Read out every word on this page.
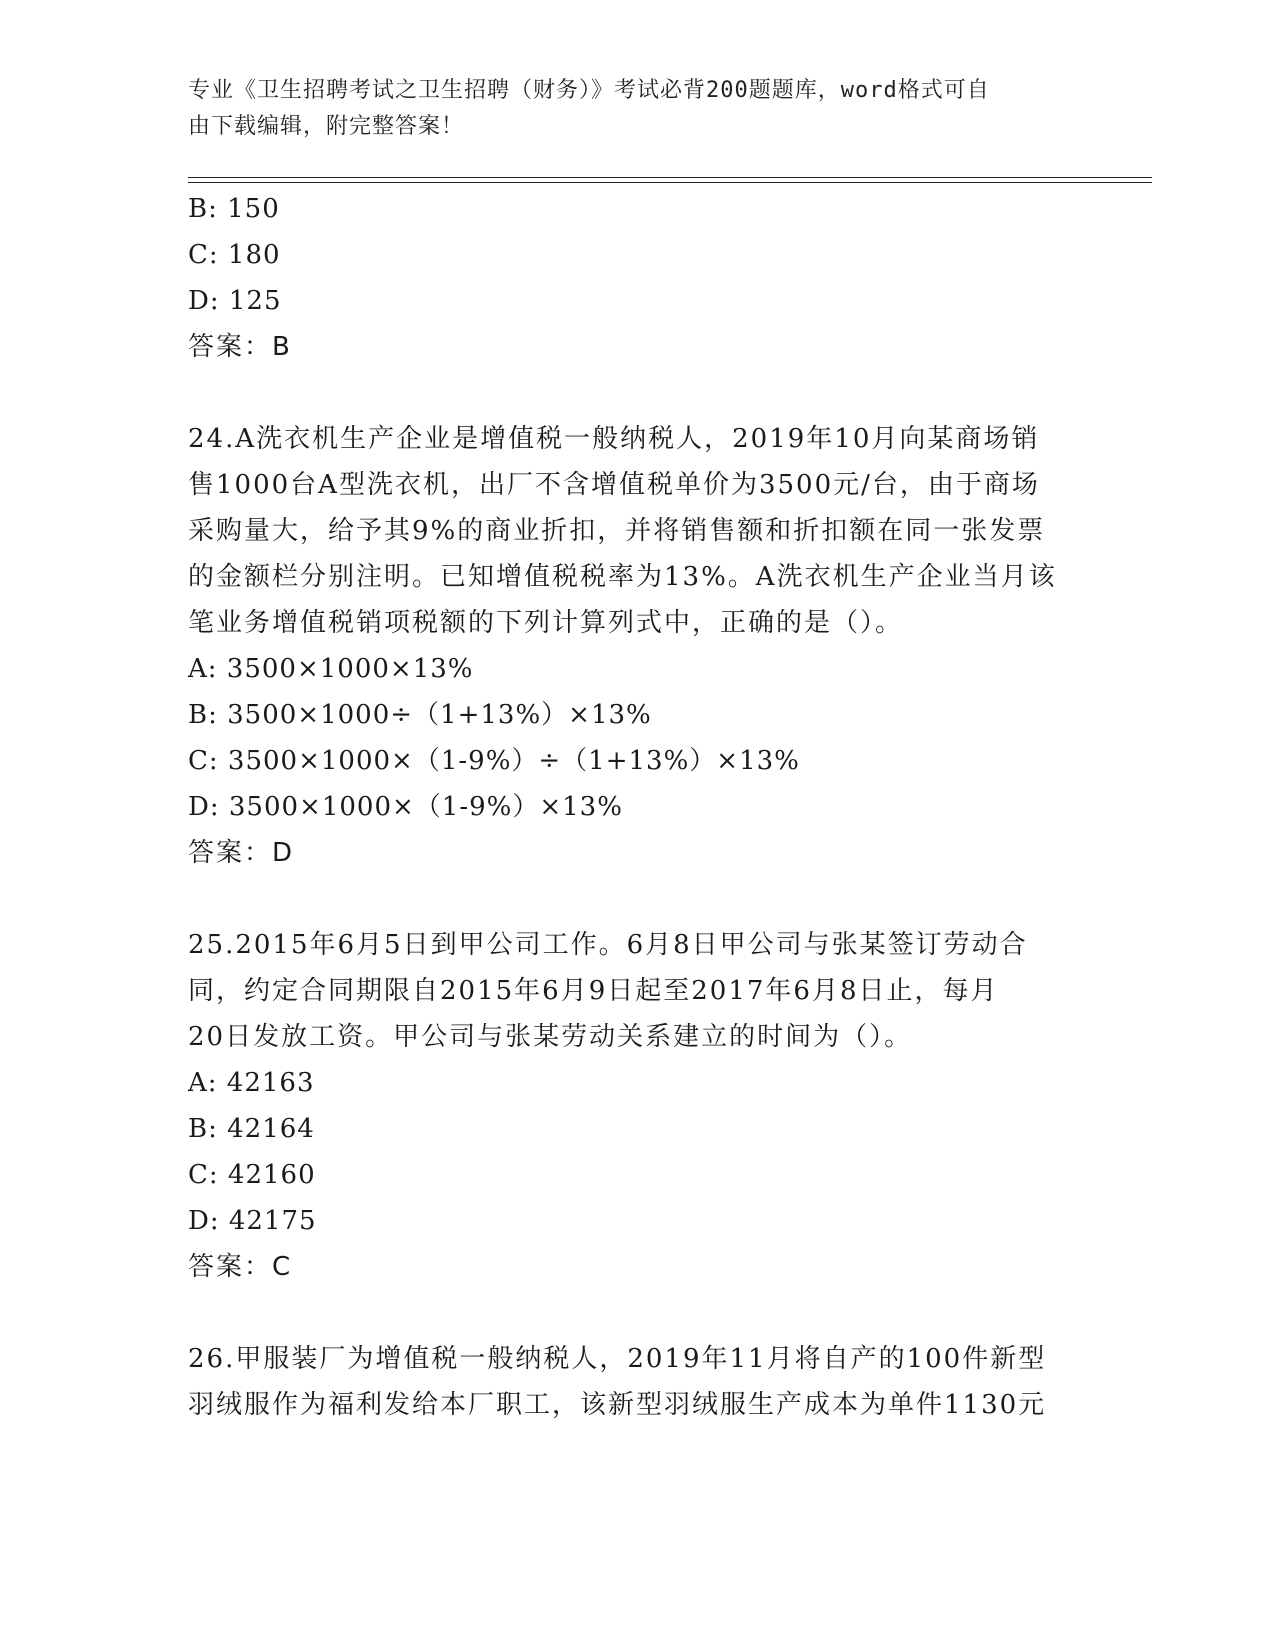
专业《卫生招聘考试之卫生招聘（财务）》考试必背200题题库，word格式可自
由下载编辑，附完整答案！
B: 150
C: 180
D: 125
答案：B
24.A洗衣机生产企业是增值税一般纳税人，2019年10月向某商场销
售1000台A型洗衣机，出厂不含增值税单价为3500元/台，由于商场
采购量大，给予其9%的商业折扣，并将销售额和折扣额在同一张发票
的金额栏分别注明。已知增值税税率为13%。A洗衣机生产企业当月该
笔业务增值税销项税额的下列计算列式中，正确的是（）。
A: 3500×1000×13%
B: 3500×1000÷（1+13%）×13%
C: 3500×1000×（1-9%）÷（1+13%）×13%
D: 3500×1000×（1-9%）×13%
答案：D
25.2015年6月5日到甲公司工作。6月8日甲公司与张某签订劳动合
同，约定合同期限自2015年6月9日起至2017年6月8日止，每月
20日发放工资。甲公司与张某劳动关系建立的时间为（）。
A: 42163
B: 42164
C: 42160
D: 42175
答案：C
26.甲服装厂为增值税一般纳税人，2019年11月将自产的100件新型
羽绒服作为福利发给本厂职工，该新型羽绒服生产成本为单件1130元
